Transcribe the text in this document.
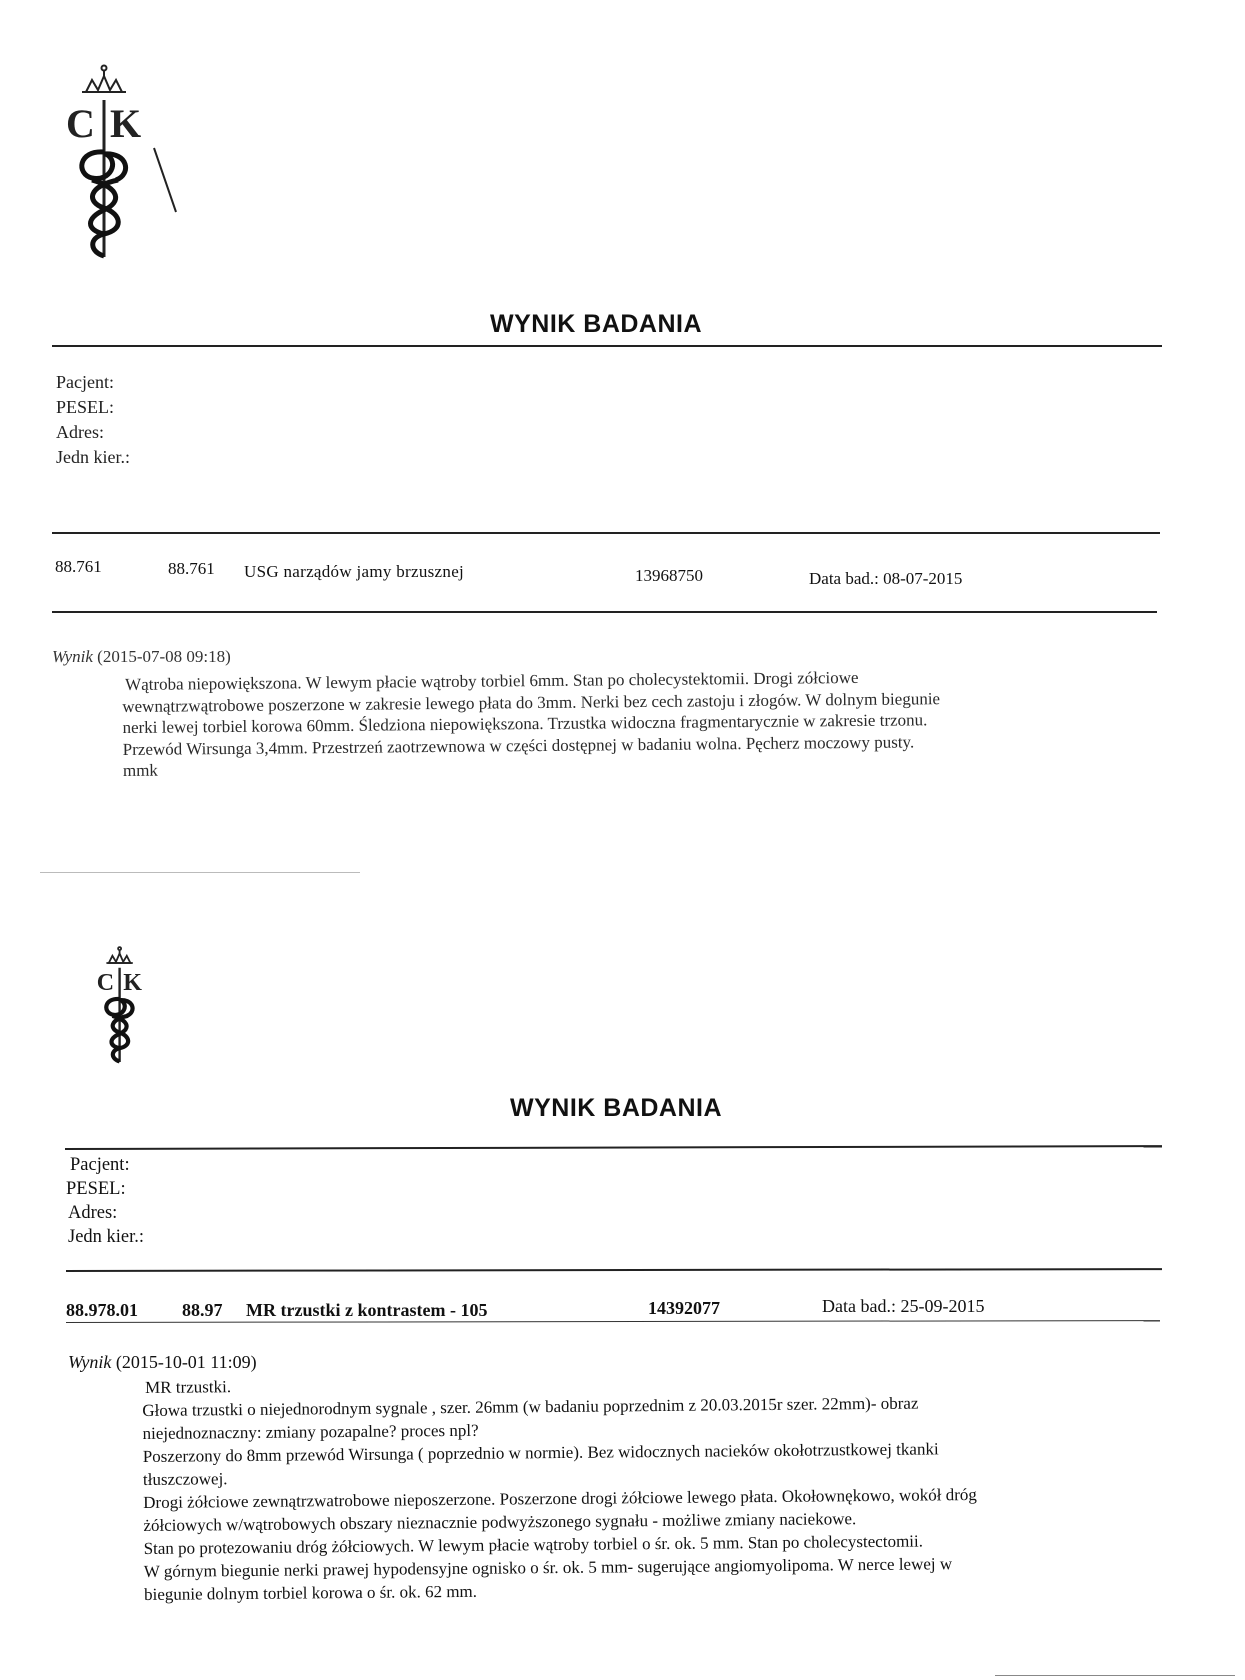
C K
WYNIK BADANIA
Pacjent:
PESEL:
Adres:
Jedn kier.:
88.761	88.761 USG narządów jamy brzusznej	13968750	Data bad.: 08-07-2015
Wynik (2015-07-08 09:18)
Wątroba niepowiększona. W lewym płacie wątroby torbiel 6mm. Stan po cholecystektomii. Drogi zółciowe
wewnątrzwątrobowe poszerzone w zakresie lewego płata do 3mm. Nerki bez cech zastoju i złogów. W dolnym biegunie
nerki lewej torbiel korowa 60mm. Śledziona niepowiększona. Trzustka widoczna fragmentarycznie w zakresie trzonu.
Przewód Wirsunga 3,4mm. Przestrzeń zaotrzewnowa w części dostępnej w badaniu wolna. Pęcherz moczowy pusty.
mmk
C K
WYNIK BADANIA
Pacjent:
PESEL:
Adres:
Jedn kier.:
88.978.01 88.97 MR trzustki z kontrastem - 105	14392077	Data bad.: 25-09-2015
Wynik (2015-10-01 11:09)
MR trzustki.
Głowa trzustki o niejednorodnym sygnale , szer. 26mm (w badaniu poprzednim z 20.03.2015r szer. 22mm)- obraz
niejednoznaczny: zmiany pozapalne? proces npl?
Poszerzony do 8mm przewód Wirsunga ( poprzednio w normie). Bez widocznych nacieków okołotrzustkowej tkanki
tłuszczowej.
Drogi żółciowe zewnątrzwatrobowe nieposzerzone. Poszerzone drogi żółciowe lewego płata. Okołownękowo, wokół dróg
żółciowych w/wątrobowych obszary nieznacznie podwyższonego sygnału - możliwe zmiany naciekowe.
Stan po protezowaniu dróg żółciowych. W lewym płacie wątroby torbiel o śr. ok. 5 mm. Stan po cholecystectomii.
W górnym biegunie nerki prawej hypodensyjne ognisko o śr. ok. 5 mm- sugerujące angiomyolipoma. W nerce lewej w
biegunie dolnym torbiel korowa o śr. ok. 62 mm.
